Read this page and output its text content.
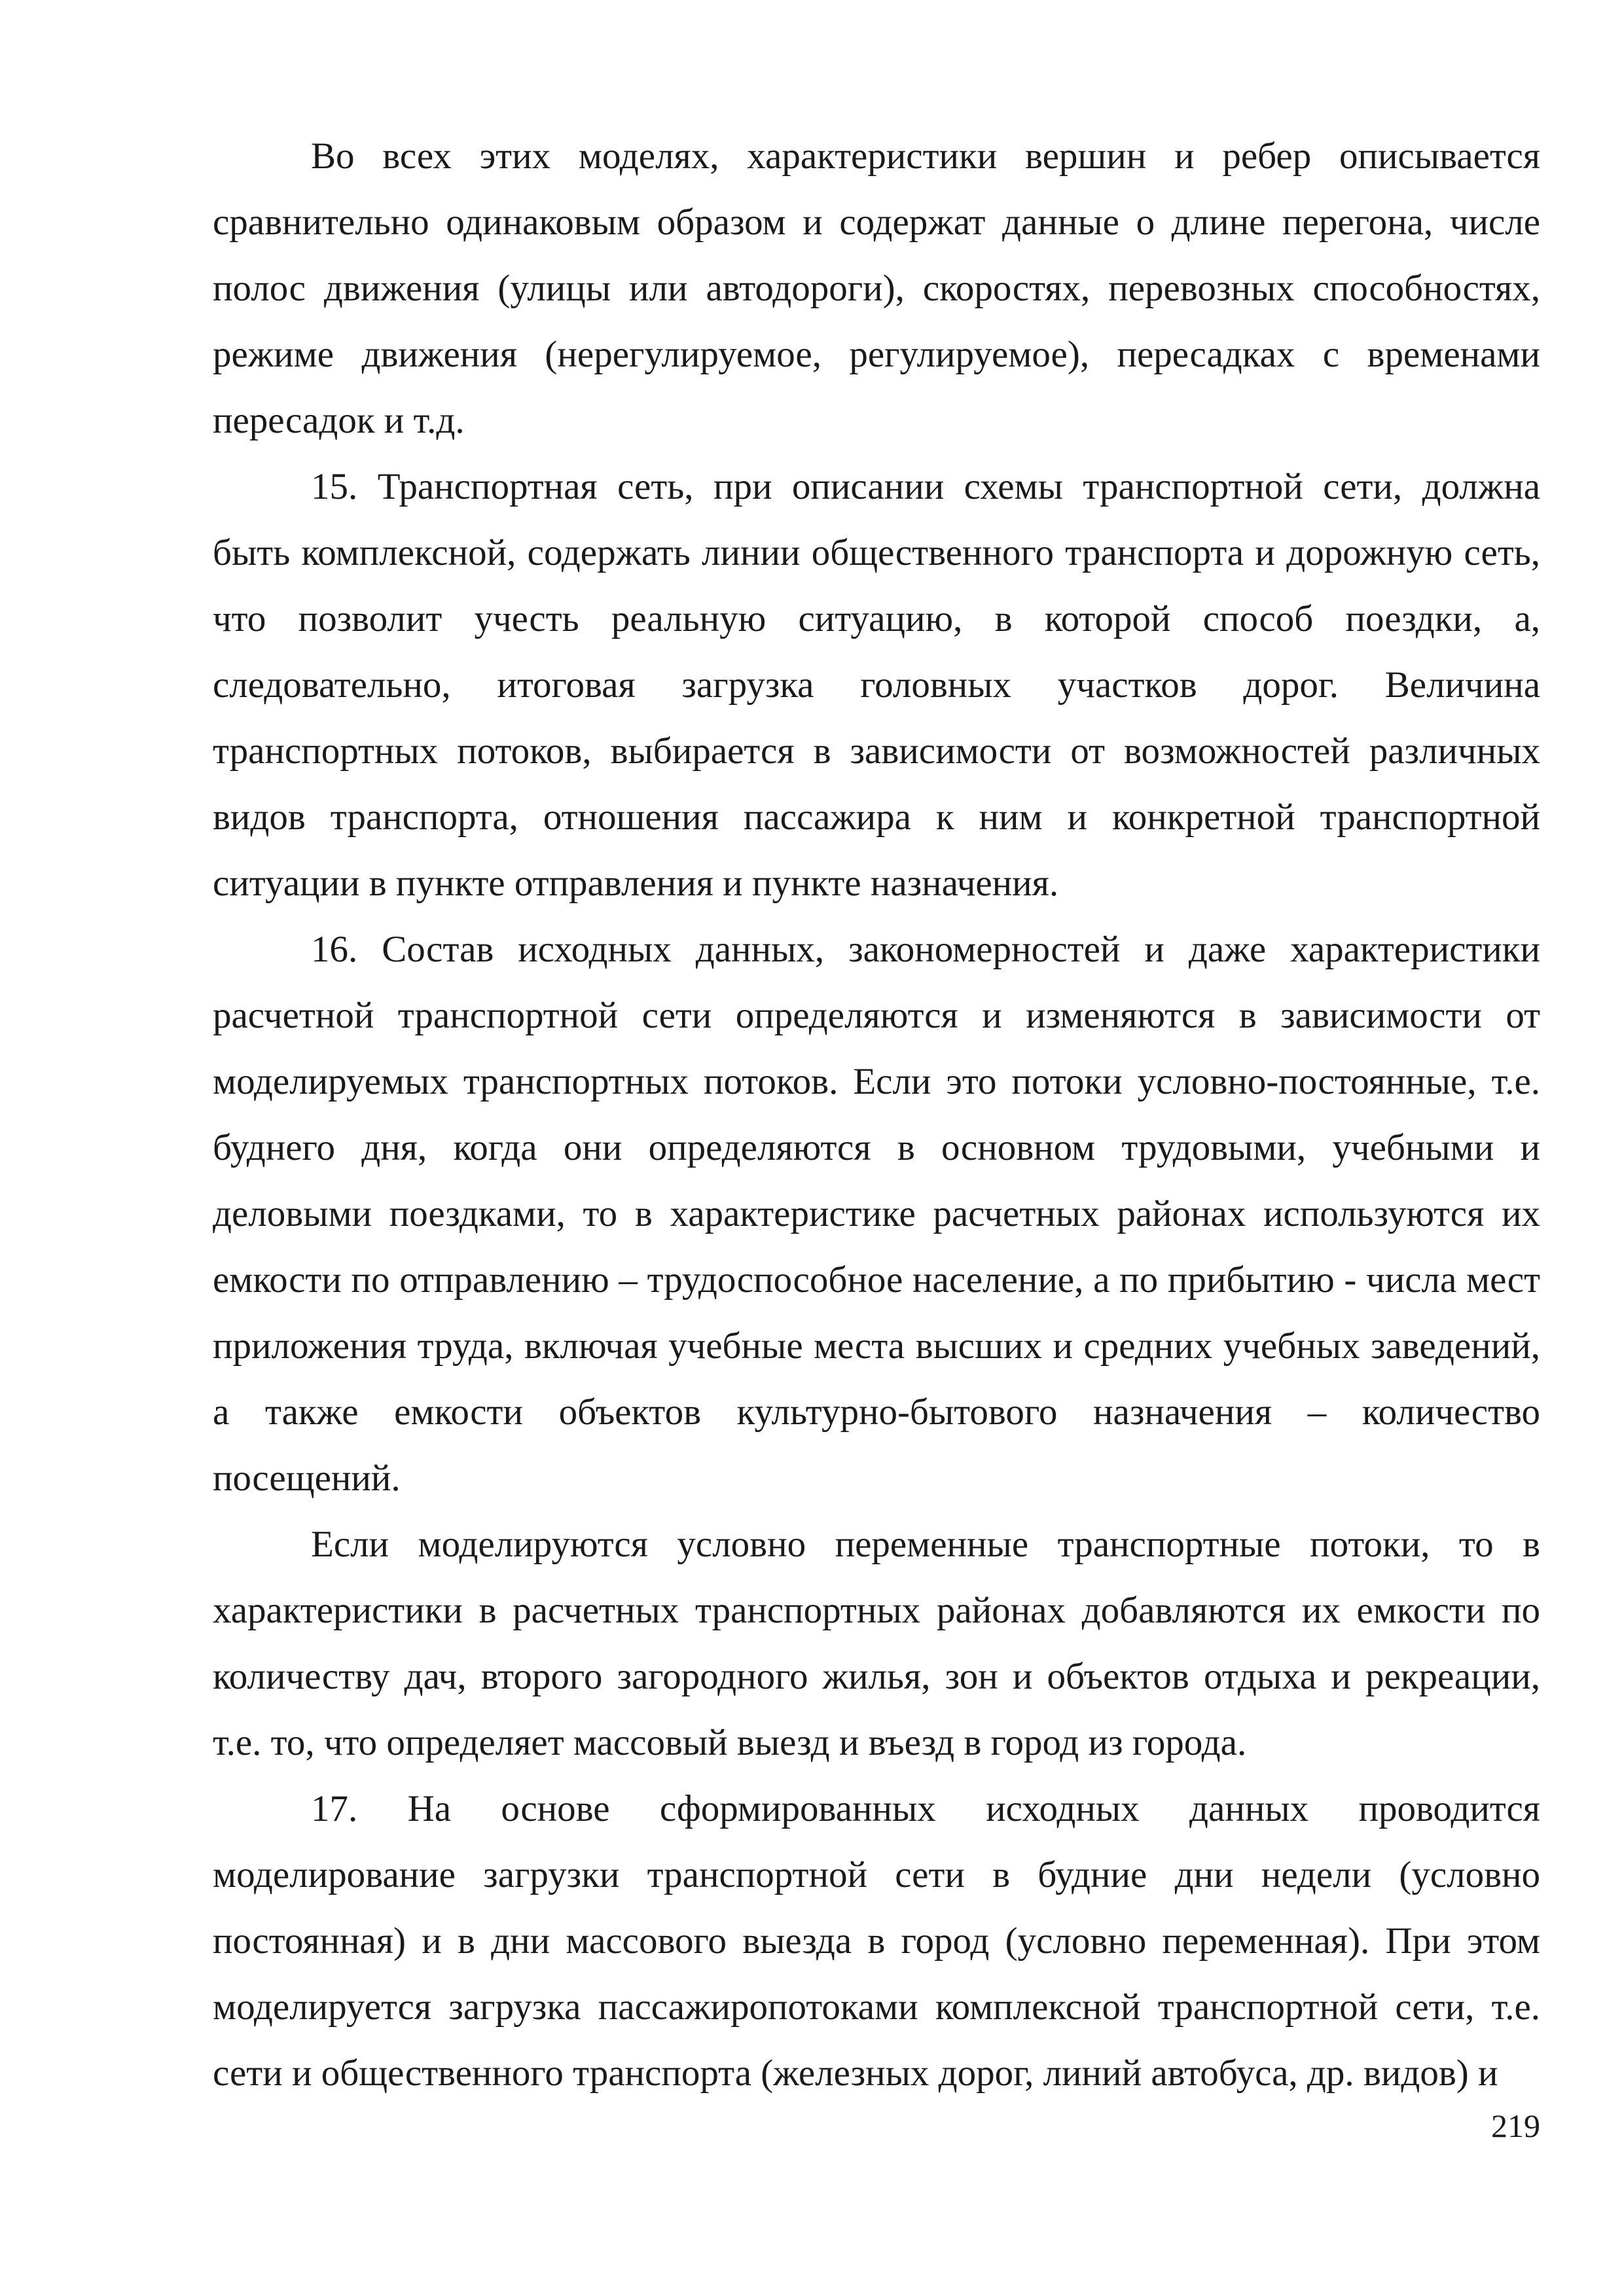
Во всех этих моделях, характеристики вершин и ребер описывается сравнительно одинаковым образом и содержат данные о длине перегона, числе полос движения (улицы или автодороги), скоростях, перевозных способностях, режиме движения (нерегулируемое, регулируемое), пересадках с временами пересадок и т.д.

15. Транспортная сеть, при описании схемы транспортной сети, должна быть комплексной, содержать линии общественного транспорта и дорожную сеть, что позволит учесть реальную ситуацию, в которой способ поездки, а, следовательно, итоговая загрузка головных участков дорог. Величина транспортных потоков, выбирается в зависимости от возможностей различных видов транспорта, отношения пассажира к ним и конкретной транспортной ситуации в пункте отправления и пункте назначения.

16. Состав исходных данных, закономерностей и даже характеристики расчетной транспортной сети определяются и изменяются в зависимости от моделируемых транспортных потоков. Если это потоки условно-постоянные, т.е. буднего дня, когда они определяются в основном трудовыми, учебными и деловыми поездками, то в характеристике расчетных районах используются их емкости по отправлению – трудоспособное население, а по прибытию - числа мест приложения труда, включая учебные места высших и средних учебных заведений, а также емкости объектов культурно-бытового назначения – количество посещений.

Если моделируются условно переменные транспортные потоки, то в характеристики в расчетных транспортных районах добавляются их емкости по количеству дач, второго загородного жилья, зон и объектов отдыха и рекреации, т.е. то, что определяет массовый выезд и въезд в город из города.

17. На основе сформированных исходных данных проводится моделирование загрузки транспортной сети в будние дни недели (условно постоянная) и в дни массового выезда в город (условно переменная). При этом моделируется загрузка пассажиропотоками комплексной транспортной сети, т.е. сети и общественного транспорта (железных дорог, линий автобуса, др. видов) и

219
